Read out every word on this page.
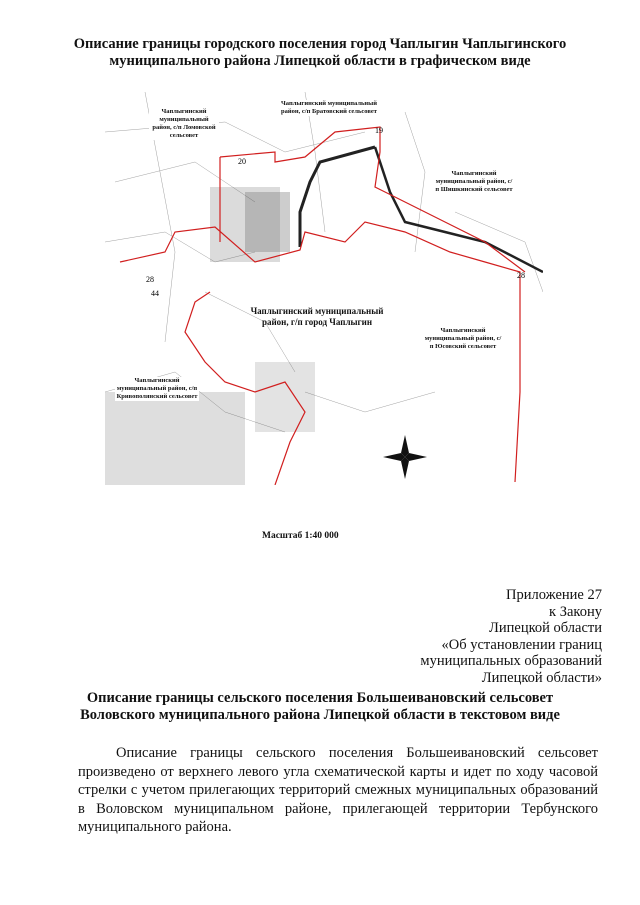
Описание границы городского поселения город Чаплыгин Чаплыгинского муниципального района Липецкой области в графическом виде
19
20
28
28
44
Чаплыгинский муниципальный район, с/п Ломовской сельсовет
Чаплыгинский муниципальный район, с/п Братовский сельсовет
Чаплыгинский муниципальный район, с/п Шишкинский сельсовет
Чаплыгинский муниципальный район, г/п город Чаплыгин
Чаплыгинский муниципальный район, с/п Юсовский сельсовет
Чаплыгинский муниципальный район, с/п Кривополянский сельсовет
Масштаб 1:40 000
Приложение 27
к Закону
Липецкой области
«Об установлении границ
муниципальных образований
Липецкой области»
Описание границы сельского поселения Большеивановский сельсовет Воловского муниципального района Липецкой области в текстовом виде
Описание границы сельского поселения Большеивановский сельсовет произведено от верхнего левого угла схематической карты и идет по ходу часовой стрелки с учетом прилегающих территорий смежных муниципальных образований в Воловском муниципальном районе, прилегающей территории Тербунского муниципального района.
